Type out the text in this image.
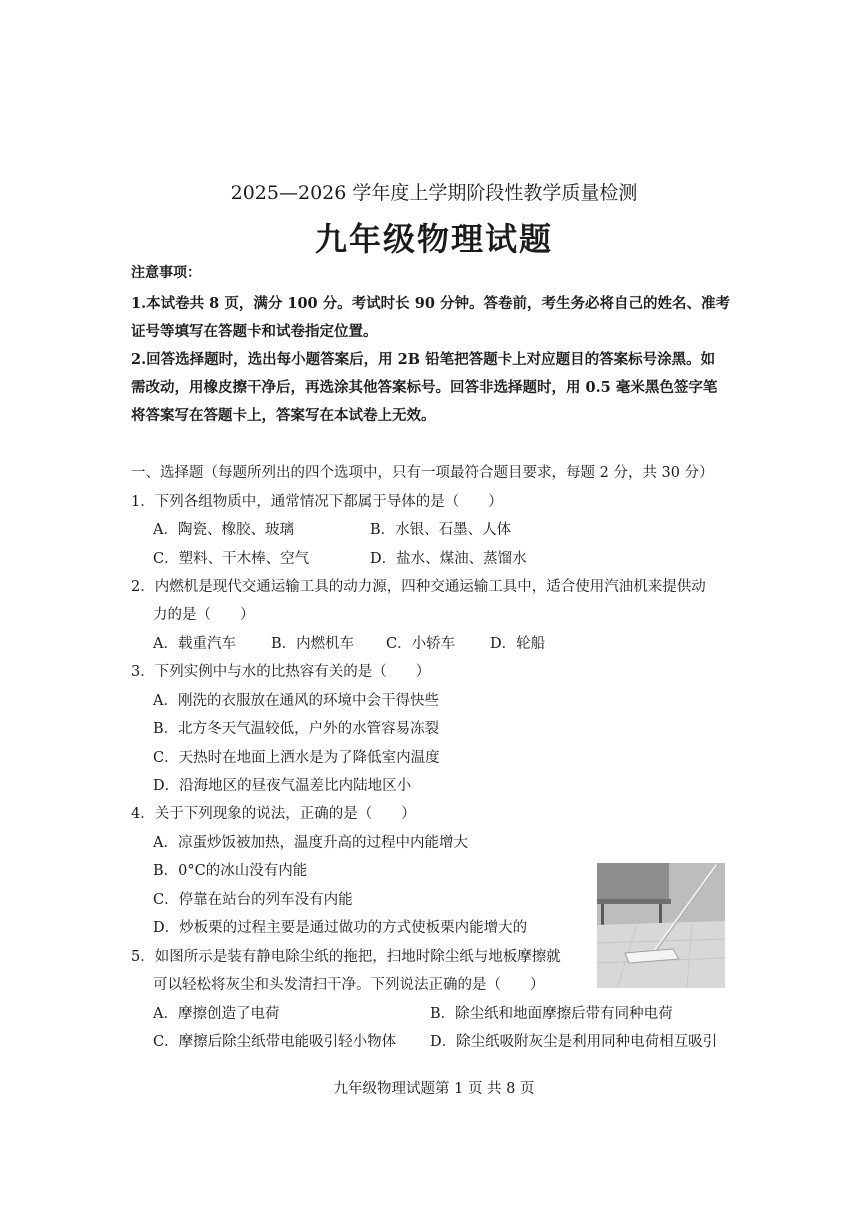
2025—2026 学年度上学期阶段性教学质量检测
九年级物理试题
注意事项：
1.本试卷共 8 页，满分 100 分。考试时长 90 分钟。答卷前，考生务必将自己的姓名、准考
证号等填写在答题卡和试卷指定位置。
2.回答选择题时，选出每小题答案后，用 2B 铅笔把答题卡上对应题目的答案标号涂黑。如
需改动，用橡皮擦干净后，再选涂其他答案标号。回答非选择题时，用 0.5 毫米黑色签字笔
将答案写在答题卡上，答案写在本试卷上无效。
一、选择题（每题所列出的四个选项中，只有一项最符合题目要求，每题 2 分，共 30 分）
1．下列各组物质中，通常情况下都属于导体的是（　　）
A．陶瓷、橡胶、玻璃	B．水银、石墨、人体
C．塑料、干木棒、空气	D．盐水、煤油、蒸馏水
2．内燃机是现代交通运输工具的动力源，四种交通运输工具中，适合使用汽油机来提供动
力的是（　　）
A．载重汽车 B．内燃机车 C．小轿车 D．轮船
3．下列实例中与水的比热容有关的是（　　）
A．刚洗的衣服放在通风的环境中会干得快些
B．北方冬天气温较低，户外的水管容易冻裂
C．天热时在地面上洒水是为了降低室内温度
D．沿海地区的昼夜气温差比内陆地区小
4．关于下列现象的说法，正确的是（　　）
A．凉蛋炒饭被加热，温度升高的过程中内能增大
B．0°C的冰山没有内能
C．停靠在站台的列车没有内能
D．炒板栗的过程主要是通过做功的方式使板栗内能增大的
5．如图所示是装有静电除尘纸的拖把，扫地时除尘纸与地板摩擦就
可以轻松将灰尘和头发清扫干净。下列说法正确的是（　　）
A．摩擦创造了电荷	B．除尘纸和地面摩擦后带有同种电荷
C．摩擦后除尘纸带电能吸引轻小物体 D．除尘纸吸附灰尘是利用同种电荷相互吸引
九年级物理试题第 1 页 共 8 页
